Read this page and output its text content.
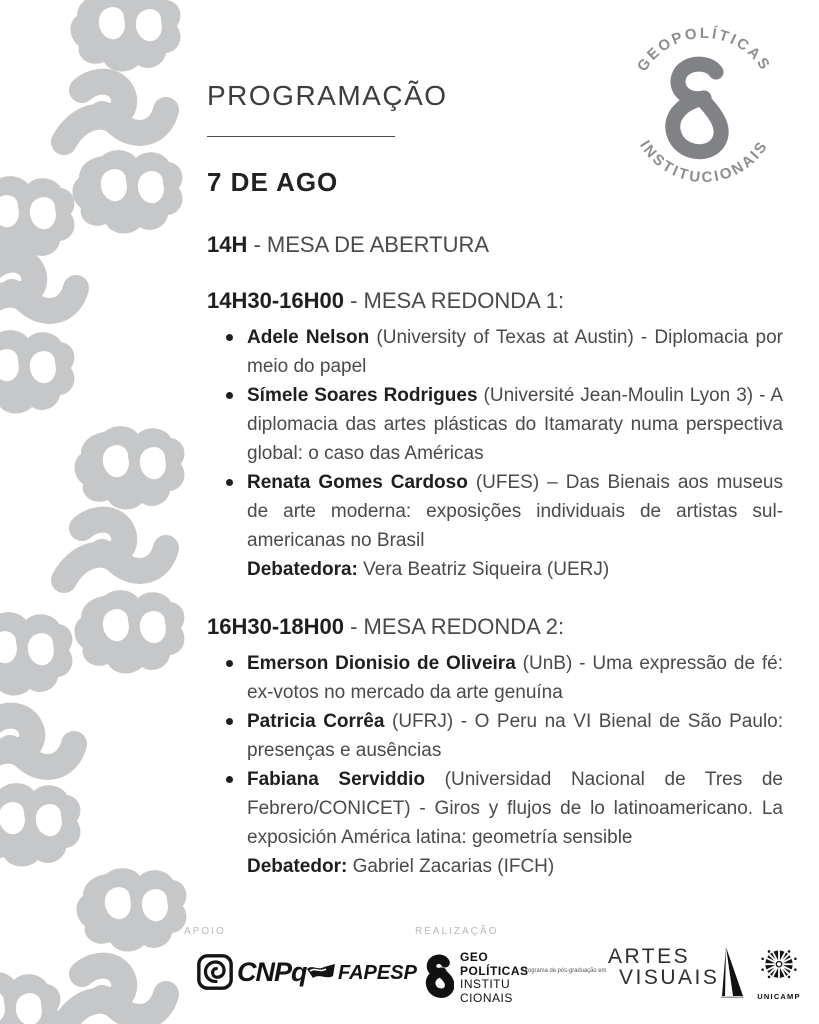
GEOPOLÍTICAS
INSTITUCIONAIS
PROGRAMAÇÃO
7 DE AGO
14H - MESA DE ABERTURA
14H30-16H00 - MESA REDONDA 1:
Adele Nelson (University of Texas at Austin) - Diplomacia por meio do papel
Símele Soares Rodrigues (Université Jean-Moulin Lyon 3) - A diplomacia das artes plásticas do Itamaraty numa perspectiva global: o caso das Américas
Renata Gomes Cardoso (UFES) – Das Bienais aos museus de arte moderna: exposições individuais de artistas sul-americanas no Brasil
Debatedora: Vera Beatriz Siqueira (UERJ)
16H30-18H00 - MESA REDONDA 2:
Emerson Dionisio de Oliveira (UnB) - Uma expressão de fé: ex-votos no mercado da arte genuína
Patricia Corrêa (UFRJ) - O Peru na VI Bienal de São Paulo: presenças e ausências
Fabiana Serviddio (Universidad Nacional de Tres de Febrero/CONICET) - Giros y flujos de lo latinoamericano. La exposición América latina: geometría sensible
Debatedor: Gabriel Zacarias (IFCH)
APOIO	REALIZAÇÃO
CNPq FAPESP
GEO
POLÍTICAS
INSTITU
CIONAIS
Programa de pós-graduação em
ARTES
VISUAIS
UNICAMP
